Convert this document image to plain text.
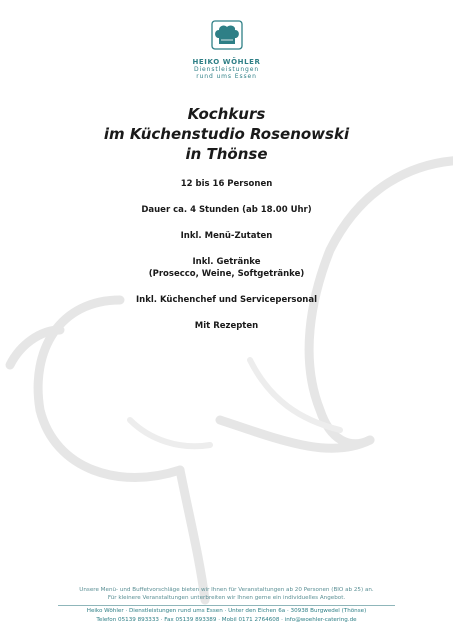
HEIKO WÖHLER
Dienstleistungen
rund ums Essen
Kochkurs
im Küchenstudio Rosenowski
in Thönse

12 bis 16 Personen

Dauer ca. 4 Stunden (ab 18.00 Uhr)

Inkl. Menü-Zutaten

Inkl. Getränke
(Prosecco, Weine, Softgetränke)

Inkl. Küchenchef und Servicepersonal

Mit Rezepten

Unsere Menü- und Buffetvorschläge bieten wir Ihnen für Veranstaltungen ab 20 Personen (BIO ab 25) an.
Für kleinere Veranstaltungen unterbreiten wir Ihnen gerne ein individuelles Angebot.
Heiko Wöhler · Dienstleistungen rund ums Essen · Unter den Eichen 6a · 30938 Burgwedel (Thönse)
Telefon 05139 893333 · Fax 05139 893389 · Mobil 0171 2764608 · info@woehler-catering.de
